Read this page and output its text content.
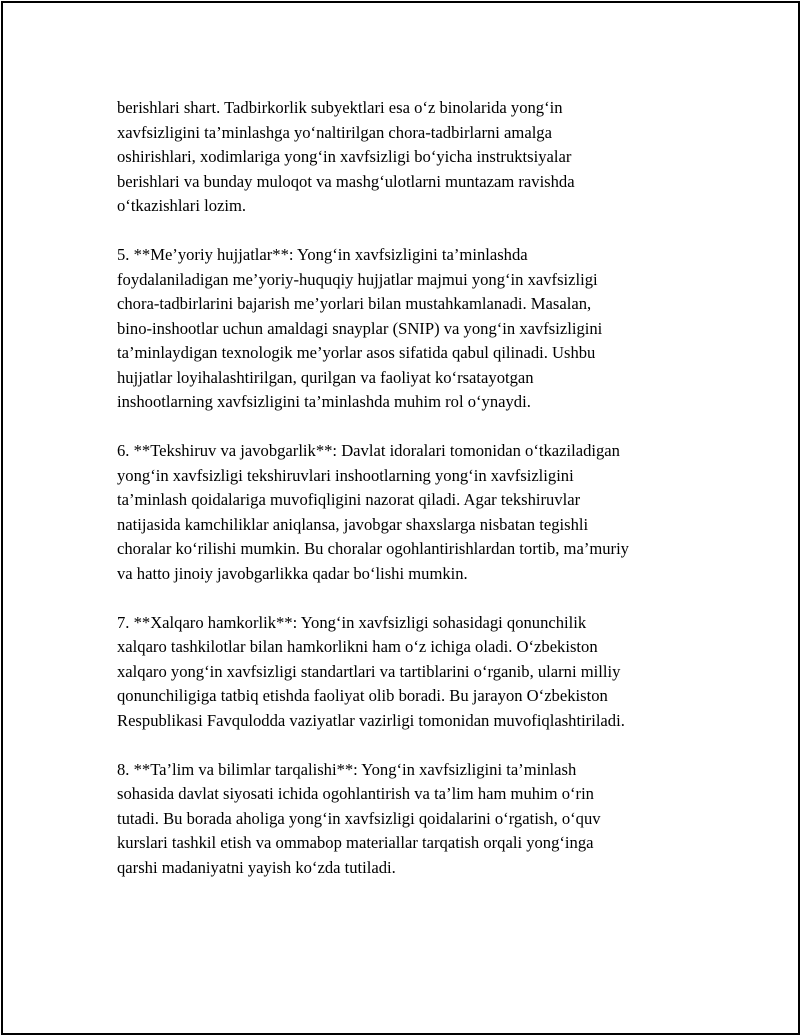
berishlari shart. Tadbirkorlik subyektlari esa o‘z binolarida yong‘in
xavfsizligini ta’minlashga yo‘naltirilgan chora-tadbirlarni amalga
oshirishlari, xodimlariga yong‘in xavfsizligi bo‘yicha instruktsiyalar
berishlari va bunday muloqot va mashg‘ulotlarni muntazam ravishda
o‘tkazishlari lozim.

5. **Me’yoriy hujjatlar**: Yong‘in xavfsizligini ta’minlashda
foydalaniladigan me’yoriy-huquqiy hujjatlar majmui yong‘in xavfsizligi
chora-tadbirlarini bajarish me’yorlari bilan mustahkamlanadi. Masalan,
bino-inshootlar uchun amaldagi snayplar (SNIP) va yong‘in xavfsizligini
ta’minlaydigan texnologik me’yorlar asos sifatida qabul qilinadi. Ushbu
hujjatlar loyihalashtirilgan, qurilgan va faoliyat ko‘rsatayotgan
inshootlarning xavfsizligini ta’minlashda muhim rol o‘ynaydi.

6. **Tekshiruv va javobgarlik**: Davlat idoralari tomonidan o‘tkaziladigan
yong‘in xavfsizligi tekshiruvlari inshootlarning yong‘in xavfsizligini
ta’minlash qoidalariga muvofiqligini nazorat qiladi. Agar tekshiruvlar
natijasida kamchiliklar aniqlansa, javobgar shaxslarga nisbatan tegishli
choralar ko‘rilishi mumkin. Bu choralar ogohlantirishlardan tortib, ma’muriy
va hatto jinoiy javobgarlikka qadar bo‘lishi mumkin.

7. **Xalqaro hamkorlik**: Yong‘in xavfsizligi sohasidagi qonunchilik
xalqaro tashkilotlar bilan hamkorlikni ham o‘z ichiga oladi. O‘zbekiston
xalqaro yong‘in xavfsizligi standartlari va tartiblarini o‘rganib, ularni milliy
qonunchiligiga tatbiq etishda faoliyat olib boradi. Bu jarayon O‘zbekiston
Respublikasi Favqulodda vaziyatlar vazirligi tomonidan muvofiqlashtiriladi.

8. **Ta’lim va bilimlar tarqalishi**: Yong‘in xavfsizligini ta’minlash
sohasida davlat siyosati ichida ogohlantirish va ta’lim ham muhim o‘rin
tutadi. Bu borada aholiga yong‘in xavfsizligi qoidalarini o‘rgatish, o‘quv
kurslari tashkil etish va ommabop materiallar tarqatish orqali yong‘inga
qarshi madaniyatni yayish ko‘zda tutiladi.
